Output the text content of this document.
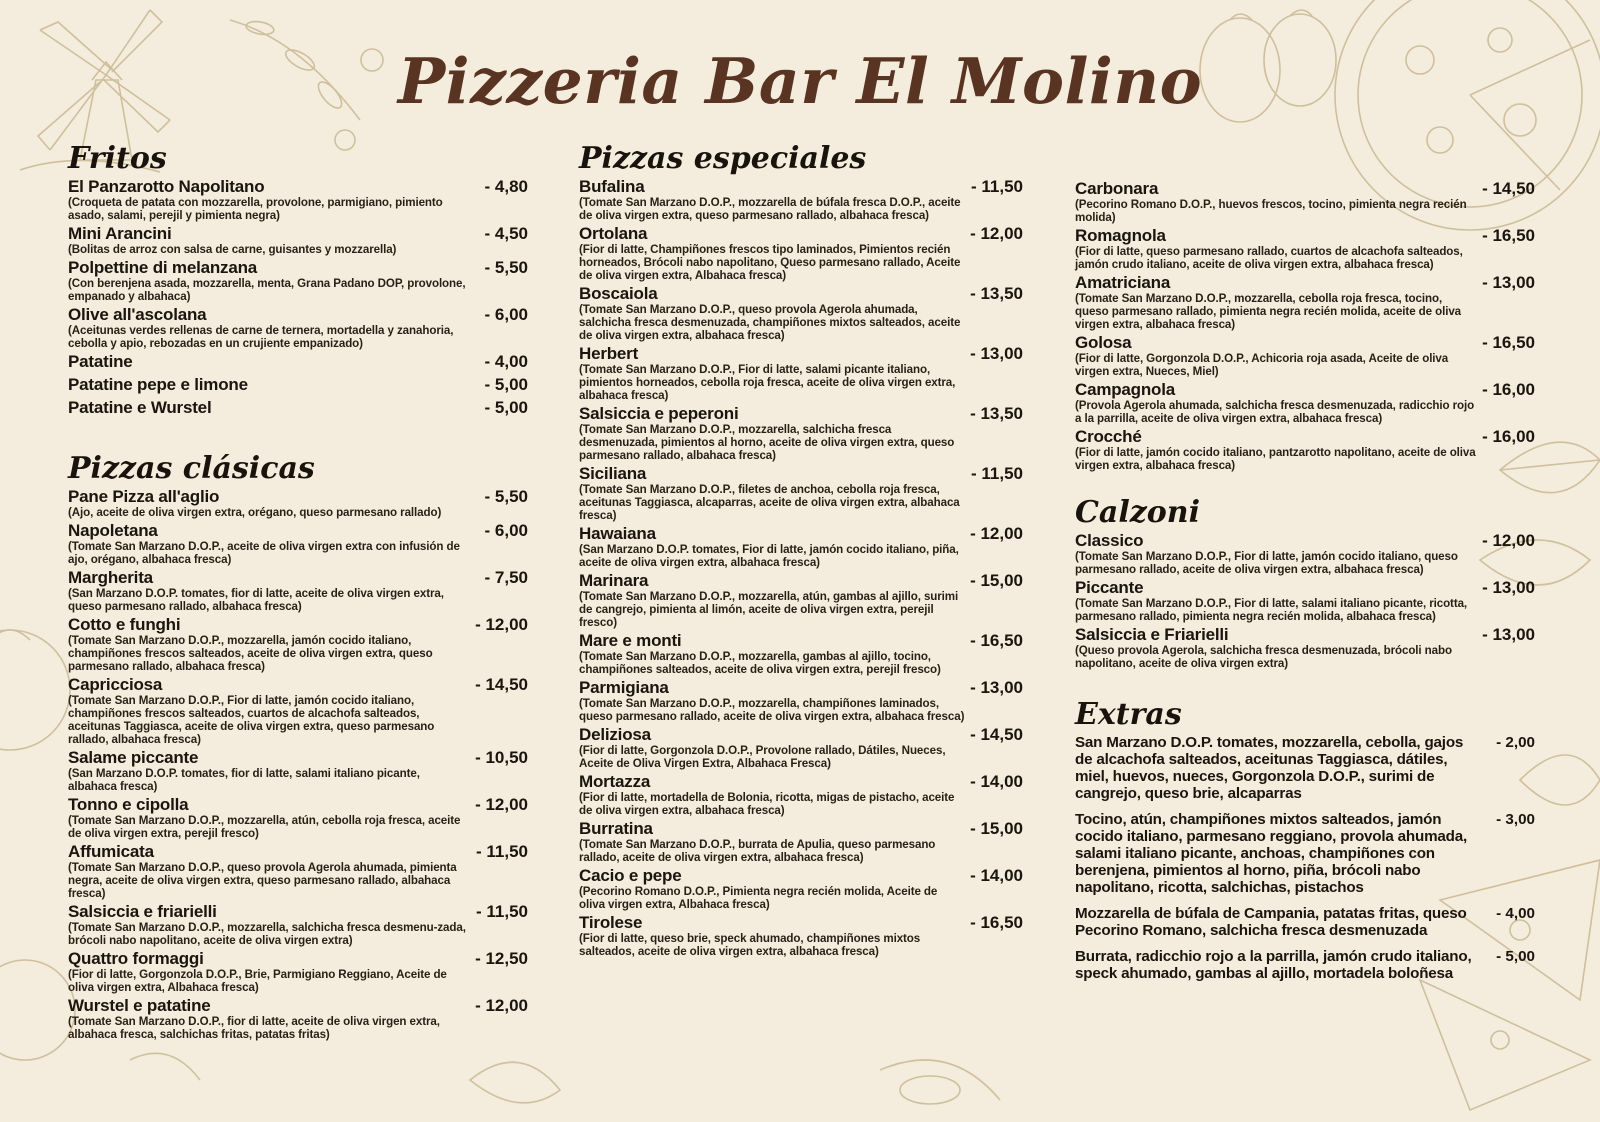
Pizzeria Bar El Molino
Fritos
El Panzarotto Napolitano	- 4,80
(Croqueta de patata con mozzarella, provolone, parmigiano, pimiento asado, salami, perejil y pimienta negra)
Mini Arancini	- 4,50
(Bolitas de arroz con salsa de carne, guisantes y mozzarella)
Polpettine di melanzana	- 5,50
(Con berenjena asada, mozzarella, menta, Grana Padano DOP, provolone, empanado y albahaca)
Olive all'ascolana	- 6,00
(Aceitunas verdes rellenas de carne de ternera, mortadella y zanahoria, cebolla y apio, rebozadas en un crujiente empanizado)
Patatine	- 4,00
Patatine pepe e limone	- 5,00
Patatine e Wurstel	- 5,00
Pizzas clásicas
Pane Pizza all'aglio	- 5,50
(Ajo, aceite de oliva virgen extra, orégano, queso parmesano rallado)
Napoletana	- 6,00
(Tomate San Marzano D.O.P., aceite de oliva virgen extra con infusión de ajo, orégano, albahaca fresca)
Margherita	- 7,50
(San Marzano D.O.P. tomates, fior di latte, aceite de oliva virgen extra, queso parmesano rallado, albahaca fresca)
Cotto e funghi	- 12,00
(Tomate San Marzano D.O.P., mozzarella, jamón cocido italiano, champiñones frescos salteados, aceite de oliva virgen extra, queso parmesano rallado, albahaca fresca)
Capricciosa	- 14,50
(Tomate San Marzano D.O.P., Fior di latte, jamón cocido italiano, champiñones frescos salteados, cuartos de alcachofa salteados, aceitunas Taggiasca, aceite de oliva virgen extra, queso parmesano rallado, albahaca fresca)
Salame piccante	- 10,50
(San Marzano D.O.P. tomates, fior di latte, salami italiano picante, albahaca fresca)
Tonno e cipolla	- 12,00
(Tomate San Marzano D.O.P., mozzarella, atún, cebolla roja fresca, aceite de oliva virgen extra, perejil fresco)
Affumicata	- 11,50
(Tomate San Marzano D.O.P., queso provola Agerola ahumada, pimienta negra, aceite de oliva virgen extra, queso parmesano rallado, albahaca fresca)
Salsiccia e friarielli	- 11,50
(Tomate San Marzano D.O.P., mozzarella, salchicha fresca desmenu-zada, brócoli nabo napolitano, aceite de oliva virgen extra)
Quattro formaggi	- 12,50
(Fior di latte, Gorgonzola D.O.P., Brie, Parmigiano Reggiano, Aceite de oliva virgen extra, Albahaca fresca)
Wurstel e patatine	- 12,00
(Tomate San Marzano D.O.P., fior di latte, aceite de oliva virgen extra, albahaca fresca, salchichas fritas, patatas fritas)
Pizzas especiales
Bufalina	- 11,50
(Tomate San Marzano D.O.P., mozzarella de búfala fresca D.O.P., aceite de oliva virgen extra, queso parmesano rallado, albahaca fresca)
Ortolana	- 12,00
(Fior di latte, Champiñones frescos tipo laminados, Pimientos recién horneados, Brócoli nabo napolitano, Queso parmesano rallado, Aceite de oliva virgen extra, Albahaca fresca)
Boscaiola	- 13,50
(Tomate San Marzano D.O.P., queso provola Agerola ahumada, salchicha fresca desmenuzada, champiñones mixtos salteados, aceite de oliva virgen extra, albahaca fresca)
Herbert	- 13,00
(Tomate San Marzano D.O.P., Fior di latte, salami picante italiano, pimientos horneados, cebolla roja fresca, aceite de oliva virgen extra, albahaca fresca)
Salsiccia e peperoni	- 13,50
(Tomate San Marzano D.O.P., mozzarella, salchicha fresca desmenuzada, pimientos al horno, aceite de oliva virgen extra, queso parmesano rallado, albahaca fresca)
Siciliana	- 11,50
(Tomate San Marzano D.O.P., filetes de anchoa, cebolla roja fresca, aceitunas Taggiasca, alcaparras, aceite de oliva virgen extra, albahaca fresca)
Hawaiana	- 12,00
(San Marzano D.O.P. tomates, Fior di latte, jamón cocido italiano, piña, aceite de oliva virgen extra, albahaca fresca)
Marinara	- 15,00
(Tomate San Marzano D.O.P., mozzarella, atún, gambas al ajillo, surimi de cangrejo, pimienta al limón, aceite de oliva virgen extra, perejil fresco)
Mare e monti	- 16,50
(Tomate San Marzano D.O.P., mozzarella, gambas al ajillo, tocino, champiñones salteados, aceite de oliva virgen extra, perejil fresco)
Parmigiana	- 13,00
(Tomate San Marzano D.O.P., mozzarella, champiñones laminados, queso parmesano rallado, aceite de oliva virgen extra, albahaca fresca)
Deliziosa	- 14,50
(Fior di latte, Gorgonzola D.O.P., Provolone rallado, Dátiles, Nueces, Aceite de Oliva Virgen Extra, Albahaca Fresca)
Mortazza	- 14,00
(Fior di latte, mortadella de Bolonia, ricotta, migas de pistacho, aceite de oliva virgen extra, albahaca fresca)
Burratina	- 15,00
(Tomate San Marzano D.O.P., burrata de Apulia, queso parmesano rallado, aceite de oliva virgen extra, albahaca fresca)
Cacio e pepe	- 14,00
(Pecorino Romano D.O.P., Pimienta negra recién molida, Aceite de oliva virgen extra, Albahaca fresca)
Tirolese	- 16,50
(Fior di latte, queso brie, speck ahumado, champiñones mixtos salteados, aceite de oliva virgen extra, albahaca fresca)
Carbonara	- 14,50
(Pecorino Romano D.O.P., huevos frescos, tocino, pimienta negra recién molida)
Romagnola	- 16,50
(Fior di latte, queso parmesano rallado, cuartos de alcachofa salteados, jamón crudo italiano, aceite de oliva virgen extra, albahaca fresca)
Amatriciana	- 13,00
(Tomate San Marzano D.O.P., mozzarella, cebolla roja fresca, tocino, queso parmesano rallado, pimienta negra recién molida, aceite de oliva virgen extra, albahaca fresca)
Golosa	- 16,50
(Fior di latte, Gorgonzola D.O.P., Achicoria roja asada, Aceite de oliva virgen extra, Nueces, Miel)
Campagnola	- 16,00
(Provola Agerola ahumada, salchicha fresca desmenuzada, radicchio rojo a la parrilla, aceite de oliva virgen extra, albahaca fresca)
Crocché	- 16,00
(Fior di latte, jamón cocido italiano, pantzarotto napolitano, aceite de oliva virgen extra, albahaca fresca)
Calzoni
Classico	- 12,00
(Tomate San Marzano D.O.P., Fior di latte, jamón cocido italiano, queso parmesano rallado, aceite de oliva virgen extra, albahaca fresca)
Piccante	- 13,00
(Tomate San Marzano D.O.P., Fior di latte, salami italiano picante, ricotta, parmesano rallado, pimienta negra recién molida, albahaca fresca)
Salsiccia e Friarielli	- 13,00
(Queso provola Agerola, salchicha fresca desmenuzada, brócoli nabo napolitano, aceite de oliva virgen extra)
Extras
San Marzano D.O.P. tomates, mozzarella, cebolla, gajos de alcachofa salteados, aceitunas Taggiasca, dátiles, miel, huevos, nueces, Gorgonzola D.O.P., surimi de cangrejo, queso brie, alcaparras
- 2,00
Tocino, atún, champiñones mixtos salteados, jamón cocido italiano, parmesano reggiano, provola ahumada, salami italiano picante, anchoas, champiñones con berenjena, pimientos al horno, piña, brócoli nabo napolitano, ricotta, salchichas, pistachos
- 3,00
Mozzarella de búfala de Campania, patatas fritas, queso Pecorino Romano, salchicha fresca desmenuzada
- 4,00
Burrata, radicchio rojo a la parrilla, jamón crudo italiano, speck ahumado, gambas al ajillo, mortadela boloñesa
- 5,00
